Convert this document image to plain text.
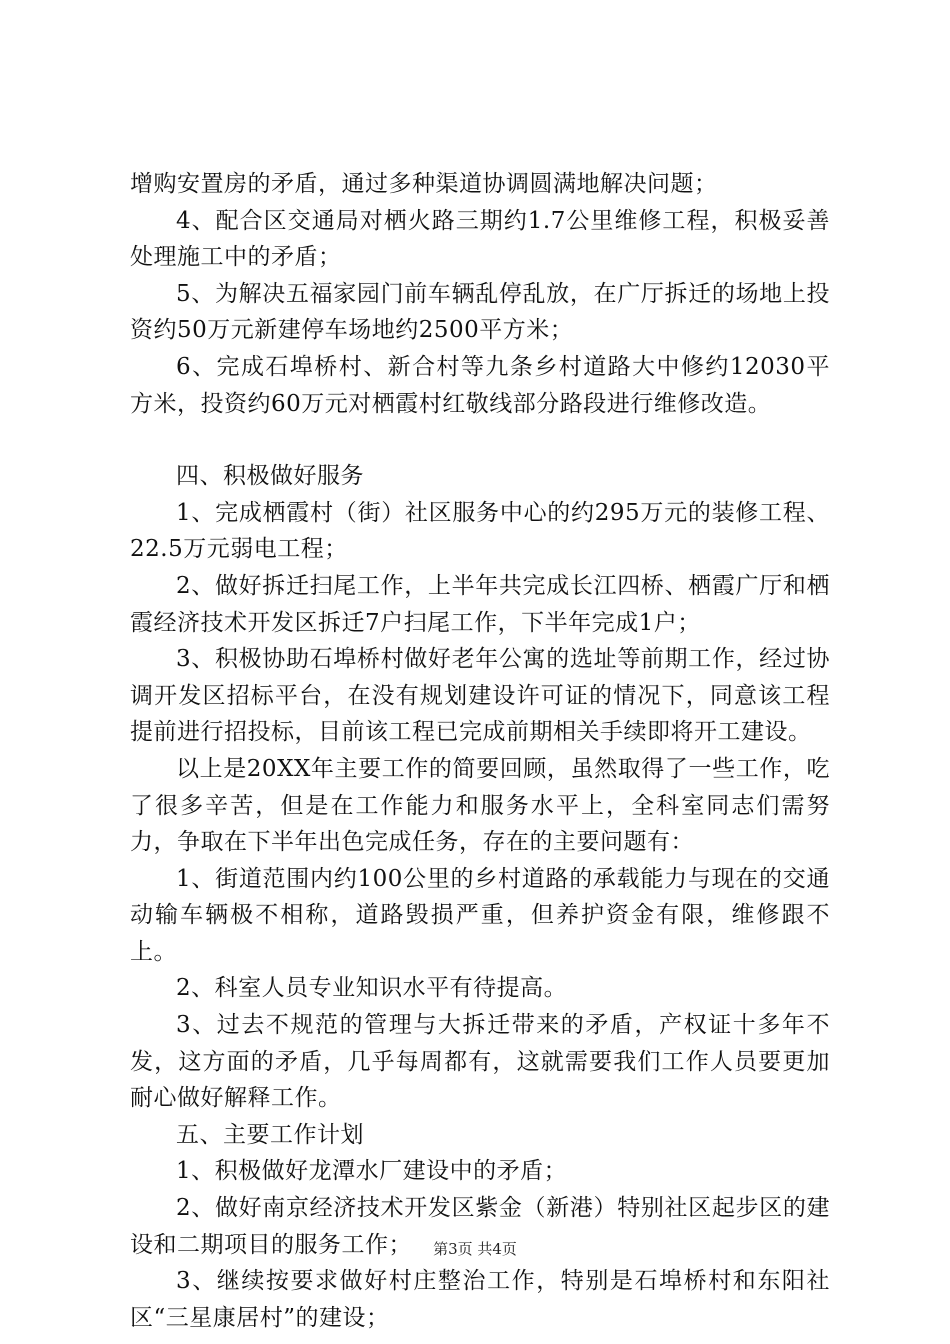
增购安置房的矛盾，通过多种渠道协调圆满地解决问题；

4、配合区交通局对栖火路三期约1.7公里维修工程，积极妥善处理施工中的矛盾；

5、为解决五福家园门前车辆乱停乱放，在广厅拆迁的场地上投资约50万元新建停车场地约2500平方米；

6、完成石埠桥村、新合村等九条乡村道路大中修约12030平方米，投资约60万元对栖霞村红敬线部分路段进行维修改造。

四、积极做好服务

1、完成栖霞村（街）社区服务中心的约295万元的装修工程、22.5万元弱电工程；

2、做好拆迁扫尾工作，上半年共完成长江四桥、栖霞广厅和栖霞经济技术开发区拆迁7户扫尾工作，下半年完成1户；

3、积极协助石埠桥村做好老年公寓的选址等前期工作，经过协调开发区招标平台，在没有规划建设许可证的情况下，同意该工程提前进行招投标，目前该工程已完成前期相关手续即将开工建设。

以上是20XX年主要工作的简要回顾，虽然取得了一些工作，吃了很多辛苦，但是在工作能力和服务水平上，全科室同志们需努力，争取在下半年出色完成任务，存在的主要问题有：

1、街道范围内约100公里的乡村道路的承载能力与现在的交通动输车辆极不相称，道路毁损严重，但养护资金有限，维修跟不上。

2、科室人员专业知识水平有待提高。

3、过去不规范的管理与大拆迁带来的矛盾，产权证十多年不发，这方面的矛盾，几乎每周都有，这就需要我们工作人员要更加耐心做好解释工作。

五、主要工作计划

1、积极做好龙潭水厂建设中的矛盾；

2、做好南京经济技术开发区紫金（新港）特别社区起步区的建设和二期项目的服务工作；

3、继续按要求做好村庄整治工作，特别是石埠桥村和东阳社区“三星康居村”的建设；

第3页 共4页
